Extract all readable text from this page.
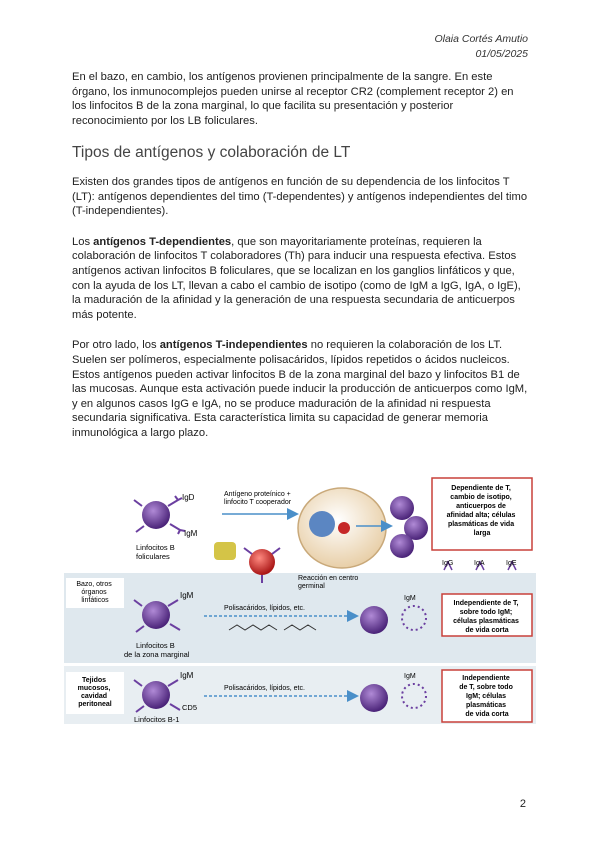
Olaia Cortés Amutio
01/05/2025

En el bazo, en cambio, los antígenos provienen principalmente de la sangre. En este órgano, los inmunocomplejos pueden unirse al receptor CR2 (complement receptor 2) en los linfocitos B de la zona marginal, lo que facilita su presentación y posterior reconocimiento por los LB foliculares.

Tipos de antígenos y colaboración de LT

Existen dos grandes tipos de antígenos en función de su dependencia de los linfocitos T (LT): antígenos dependientes del timo (T-dependentes) y antígenos independientes del timo (T-independientes).

Los antígenos T-dependientes, que son mayoritariamente proteínas, requieren la colaboración de linfocitos T colaboradores (Th) para inducir una respuesta efectiva. Estos antígenos activan linfocitos B foliculares, que se localizan en los ganglios linfáticos y que, con la ayuda de los LT, llevan a cabo el cambio de isotipo (como de IgM a IgG, IgA, o IgE), la maduración de la afinidad y la generación de una respuesta secundaria de anticuerpos más potente.

Por otro lado, los antígenos T-independientes no requieren la colaboración de los LT. Suelen ser polímeros, especialmente polisacáridos, lípidos repetidos o ácidos nucleicos. Estos antígenos pueden activar linfocitos B de la zona marginal del bazo y linfocitos B1 de las mucosas. Aunque esta activación puede inducir la producción de anticuerpos como IgM, y en algunos casos IgG e IgA, no se produce maduración de la afinidad ni respuesta secundaria significativa. Esta característica limita su capacidad de generar memoria inmunológica a largo plazo.

IgD
IgM
Linfocitos B foliculares
Antígeno proteínico + linfocito T cooperador
Reacción en centro germinal
Dependiente de T, cambio de isotipo, anticuerpos de afinidad alta; células plasmáticas de vida larga
IgG	IgA	IgE
Bazo, otros órganos linfáticos
IgM
Linfocitos B de la zona marginal
Polisacáridos, lípidos, etc.
IgM
Independiente de T, sobre todo IgM; células plasmáticas de vida corta
Tejidos mucosos, cavidad peritoneal
IgM
CD5
Linfocitos B-1
Polisacáridos, lípidos, etc.
IgM	Independiente de T, sobre todo IgM; células plasmáticas de vida corta
2
